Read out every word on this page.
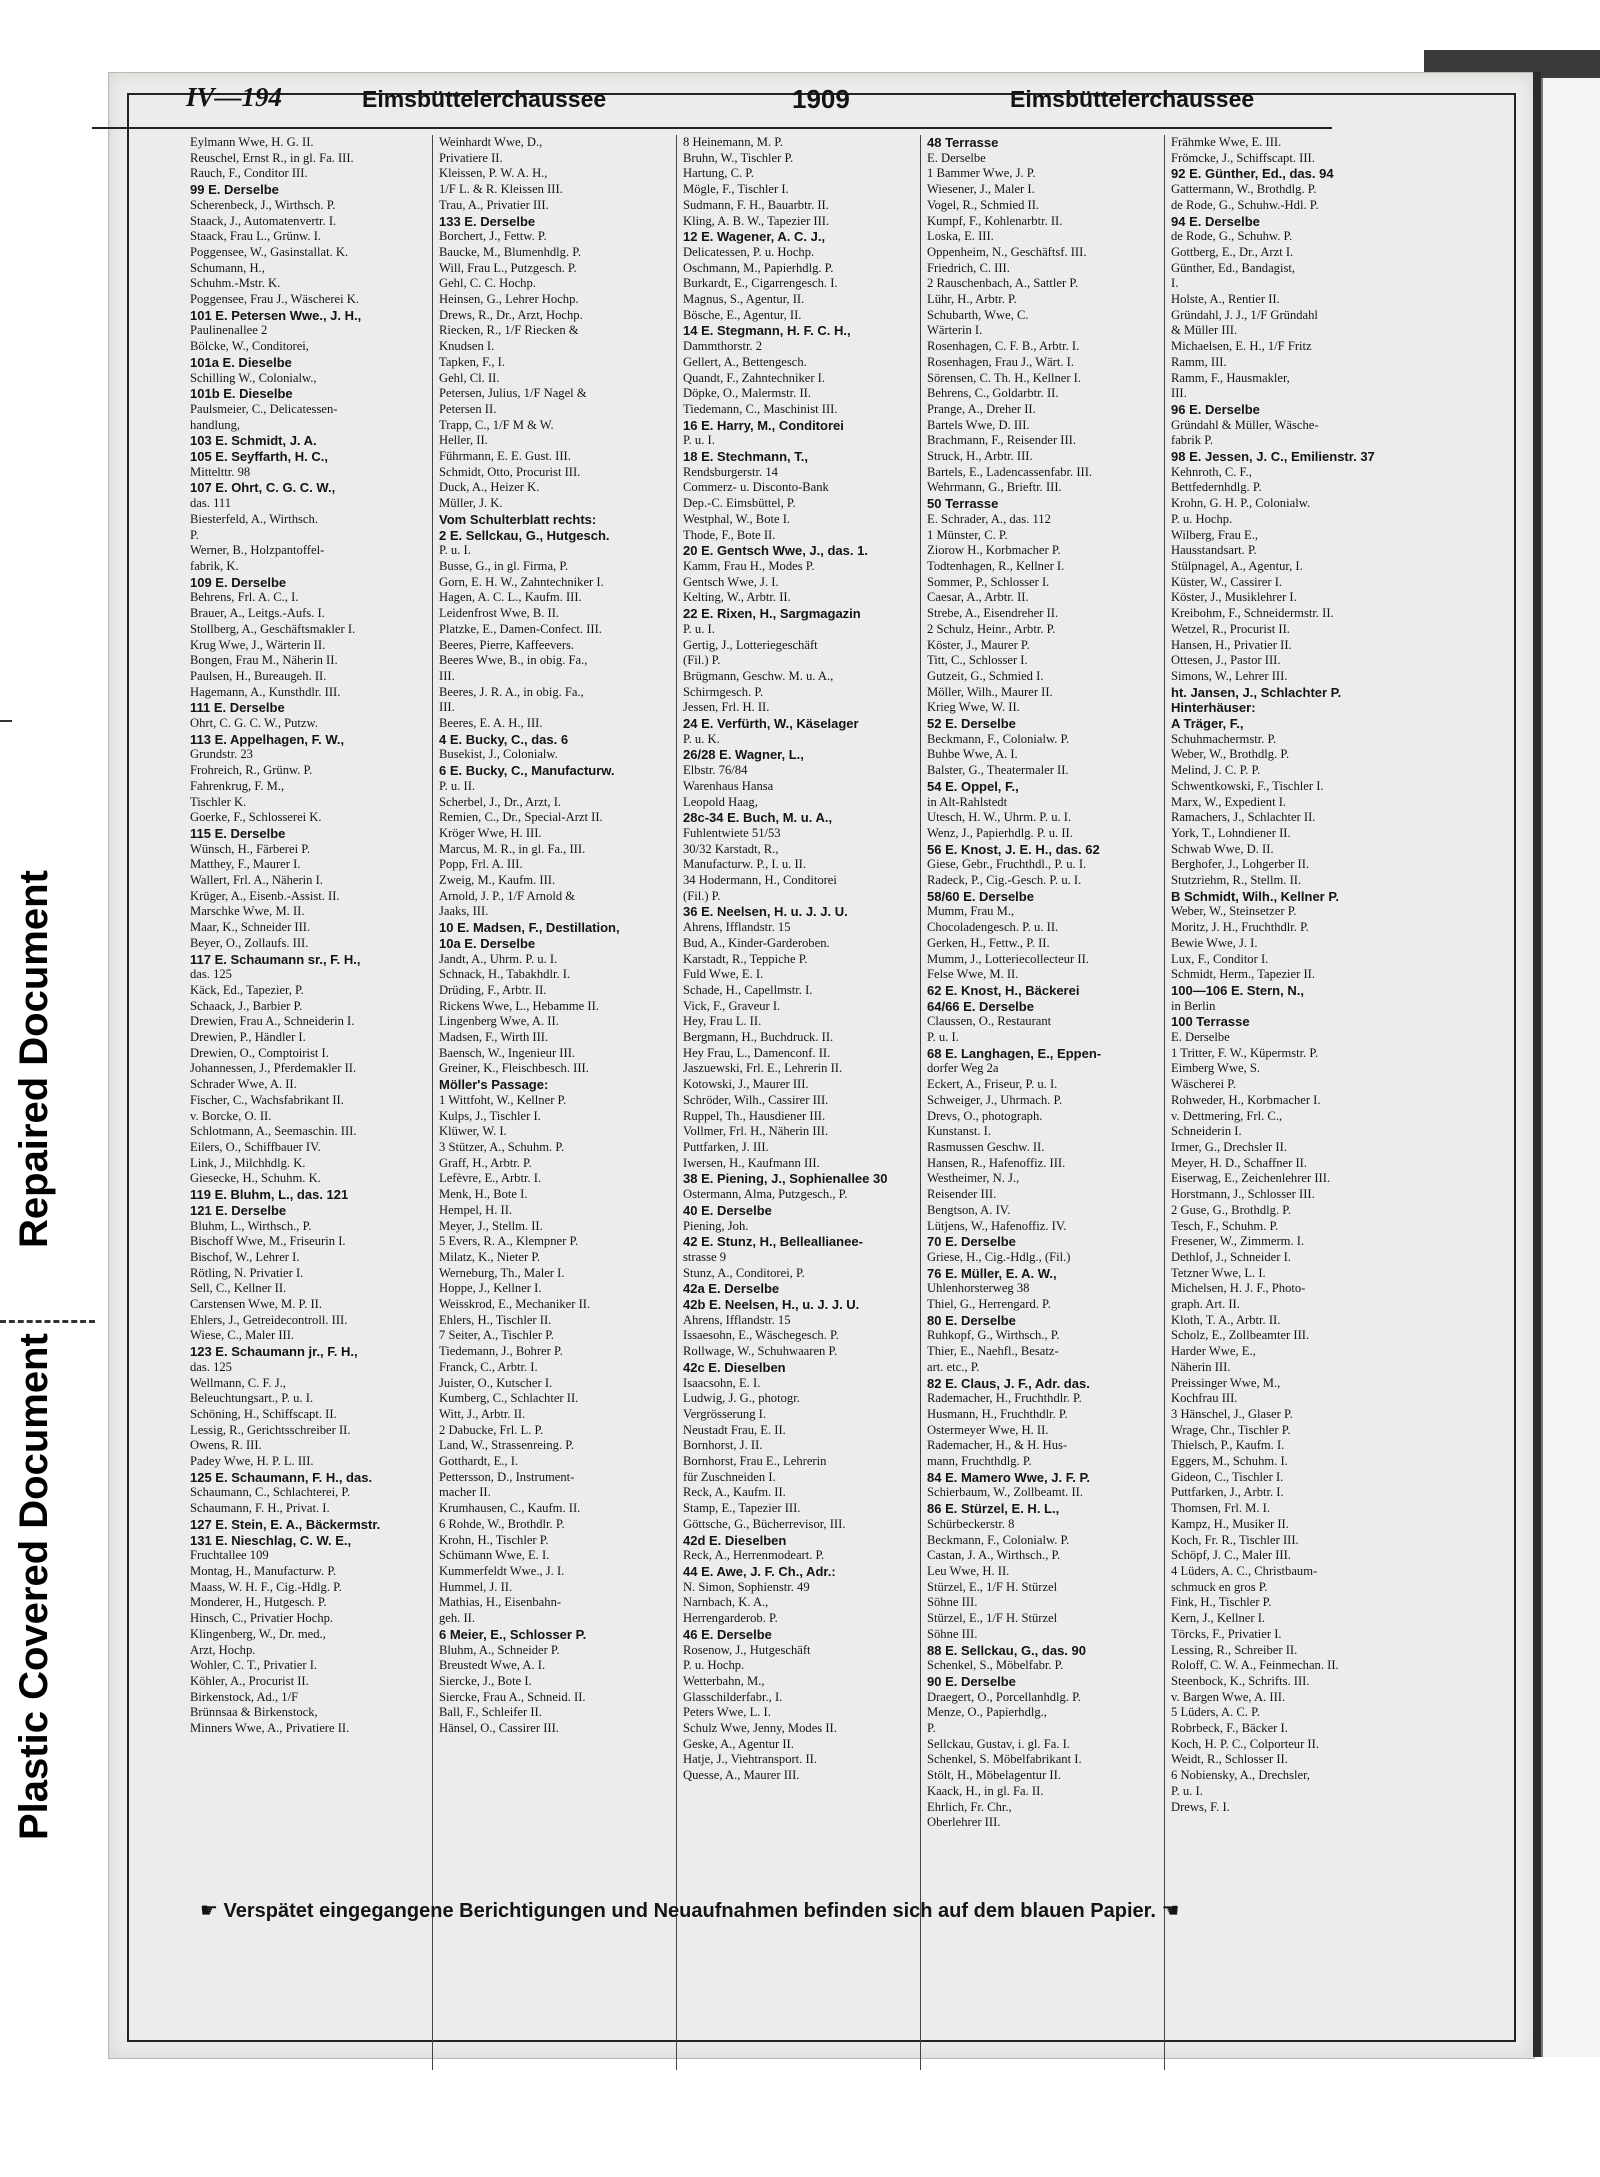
Repaired Document
Plastic Covered Document
IV—194	Eimsbüttelerchaussee	1909	Eimsbüttelerchaussee
Eylmann Wwe, H. G. II.
Reuschel, Ernst R., in gl. Fa. III.
Rauch, F., Conditor III.
99 E. Derselbe
Scherenbeck, J., Wirthsch. P.
Staack, J., Automatenvertr. I.
Staack, Frau L., Grünw. I.
Poggensee, W., Gasinstallat. K.
Schumann, H.,
Schuhm.-Mstr. K.
Poggensee, Frau J., Wäscherei K.
101 E. Petersen Wwe., J. H.,
Paulinenallee 2
Bölcke, W., Conditorei,
101a E. Dieselbe
Schilling W., Colonialw.,
101b E. Dieselbe
Paulsmeier, C., Delicatessen-
handlung,
103 E. Schmidt, J. A.
105 E. Seyffarth, H. C.,
Mittelttr. 98
107 E. Ohrt, C. G. C. W.,
das. 111
Biesterfeld, A., Wirthsch.
P.
Werner, B., Holzpantoffel-
fabrik, K.
109 E. Derselbe
Behrens, Frl. A. C., I.
Brauer, A., Leitgs.-Aufs. I.
Stollberg, A., Geschäftsmakler I.
Krug Wwe, J., Wärterin II.
Bongen, Frau M., Näherin II.
Paulsen, H., Bureaugeh. II.
Hagemann, A., Kunsthdlr. III.
111 E. Derselbe
Ohrt, C. G. C. W., Putzw.
113 E. Appelhagen, F. W.,
Grundstr. 23
Frohreich, R., Grünw. P.
Fahrenkrug, F. M.,
Tischler K.
Goerke, F., Schlosserei K.
115 E. Derselbe
Wünsch, H., Färberei P.
Matthey, F., Maurer I.
Wallert, Frl. A., Näherin I.
Krüger, A., Eisenb.-Assist. II.
Marschke Wwe, M. II.
Maar, K., Schneider III.
Beyer, O., Zollaufs. III.
117 E. Schaumann sr., F. H.,
das. 125
Käck, Ed., Tapezier, P.
Schaack, J., Barbier P.
Drewien, Frau A., Schneiderin I.
Drewien, P., Händler I.
Drewien, O., Comptoirist I.
Johannessen, J., Pferdemakler II.
Schrader Wwe, A. II.
Fischer, C., Wachsfabrikant II.
v. Borcke, O. II.
Schlotmann, A., Seemaschin. III.
Eilers, O., Schiffbauer IV.
Link, J., Milchhdlg. K.
Giesecke, H., Schuhm. K.
119 E. Bluhm, L., das. 121
121 E. Derselbe
Bluhm, L., Wirthsch., P.
Bischoff Wwe, M., Friseurin I.
Bischof, W., Lehrer I.
Rötling, N. Privatier I.
Sell, C., Kellner II.
Carstensen Wwe, M. P. II.
Ehlers, J., Getreidecontroll. III.
Wiese, C., Maler III.
123 E. Schaumann jr., F. H.,
das. 125
Wellmann, C. F. J.,
Beleuchtungsart., P. u. I.
Schöning, H., Schiffscapt. II.
Lessig, R., Gerichtsschreiber II.
Owens, R. III.
Padey Wwe, H. P. L. III.
125 E. Schaumann, F. H., das.
Schaumann, C., Schlachterei, P.
Schaumann, F. H., Privat. I.
127 E. Stein, E. A., Bäckermstr.
131 E. Nieschlag, C. W. E.,
Fruchtallee 109
Montag, H., Manufacturw. P.
Maass, W. H. F., Cig.-Hdlg. P.
Monderer, H., Hutgesch. P.
Hinsch, C., Privatier Hochp.
Klingenberg, W., Dr. med.,
Arzt, Hochp.
Wohler, C. T., Privatier I.
Köhler, A., Procurist II.
Birkenstock, Ad., 1/F
Brünnsaa & Birkenstock,
Minners Wwe, A., Privatiere II.
Weinhardt Wwe, D.,
Privatiere II.
Kleissen, P. W. A. H.,
1/F L. & R. Kleissen III.
Trau, A., Privatier III.
133 E. Derselbe
Borchert, J., Fettw. P.
Baucke, M., Blumenhdlg. P.
Will, Frau L., Putzgesch. P.
Gehl, C. C. Hochp.
Heinsen, G., Lehrer Hochp.
Drews, R., Dr., Arzt, Hochp.
Riecken, R., 1/F Riecken &
Knudsen I.
Tapken, F., I.
Gehl, Cl. II.
Petersen, Julius, 1/F Nagel &
Petersen II.
Trapp, C., 1/F M & W.
Heller, II.
Führmann, E. E. Gust. III.
Schmidt, Otto, Procurist III.
Duck, A., Heizer K.
Müller, J. K.
Vom Schulterblatt rechts:
2 E. Sellckau, G., Hutgesch.
P. u. I.
Busse, G., in gl. Firma, P.
Gorn, E. H. W., Zahntechniker I.
Hagen, A. C. L., Kaufm. III.
Leidenfrost Wwe, B. II.
Platzke, E., Damen-Confect. III.
Beeres, Pierre, Kaffeevers.
Beeres Wwe, B., in obig. Fa.,
III.
Beeres, J. R. A., in obig. Fa.,
III.
Beeres, E. A. H., III.
4 E. Bucky, C., das. 6
Busekist, J., Colonialw.
6 E. Bucky, C., Manufacturw.
P. u. II.
Scherbel, J., Dr., Arzt, I.
Remien, C., Dr., Special-Arzt II.
Kröger Wwe, H. III.
Marcus, M. R., in gl. Fa., III.
Popp, Frl. A. III.
Zweig, M., Kaufm. III.
Arnold, J. P., 1/F Arnold &
Jaaks, III.
10 E. Madsen, F., Destillation,
10a E. Derselbe
Jandt, A., Uhrm. P. u. I.
Schnack, H., Tabakhdlr. I.
Drüding, F., Arbtr. II.
Rickens Wwe, L., Hebamme II.
Lingenberg Wwe, A. II.
Madsen, F., Wirth III.
Baensch, W., Ingenieur III.
Greiner, K., Fleischbesch. III.
Möller's Passage:
1 Wittfoht, W., Kellner P.
Kulps, J., Tischler I.
Klüwer, W. I.
3 Stützer, A., Schuhm. P.
Graff, H., Arbtr. P.
Lefèvre, E., Arbtr. I.
Menk, H., Bote I.
Hempel, H. II.
Meyer, J., Stellm. II.
5 Evers, R. A., Klempner P.
Milatz, K., Nieter P.
Werneburg, Th., Maler I.
Hoppe, J., Kellner I.
Weisskrod, E., Mechaniker II.
Ehlers, H., Tischler II.
7 Seiter, A., Tischler P.
Tiedemann, J., Bohrer P.
Franck, C., Arbtr. I.
Juister, O., Kutscher I.
Kumberg, C., Schlachter II.
Witt, J., Arbtr. II.
2 Dabucke, Frl. L. P.
Land, W., Strassenreing. P.
Gotthardt, E., I.
Pettersson, D., Instrument-
macher II.
Krumhausen, C., Kaufm. II.
6 Rohde, W., Brothdlr. P.
Krohn, H., Tischler P.
Schümann Wwe, E. I.
Kummerfeldt Wwe., J. I.
Hummel, J. II.
Mathias, H., Eisenbahn-
geh. II.
6 Meier, E., Schlosser P.
Bluhm, A., Schneider P.
Breustedt Wwe, A. I.
Siercke, J., Bote I.
Siercke, Frau A., Schneid. II.
Ball, F., Schleifer II.
Hänsel, O., Cassirer III.
8 Heinemann, M. P.
Bruhn, W., Tischler P.
Hartung, C. P.
Mögle, F., Tischler I.
Sudmann, F. H., Bauarbtr. II.
Kling, A. B. W., Tapezier III.
12 E. Wagener, A. C. J.,
Delicatessen, P. u. Hochp.
Oschmann, M., Papierhdlg. P.
Burkardt, E., Cigarrengesch. I.
Magnus, S., Agentur, II.
Bösche, E., Agentur, II.
14 E. Stegmann, H. F. C. H.,
Dammthorstr. 2
Gellert, A., Bettengesch.
Quandt, F., Zahntechniker I.
Döpke, O., Malermstr. II.
Tiedemann, C., Maschinist III.
16 E. Harry, M., Conditorei
P. u. I.
18 E. Stechmann, T.,
Rendsburgerstr. 14
Commerz- u. Disconto-Bank
Dep.-C. Eimsbüttel, P.
Westphal, W., Bote I.
Thode, F., Bote II.
20 E. Gentsch Wwe, J., das. 1.
Kamm, Frau H., Modes P.
Gentsch Wwe, J. I.
Kelting, W., Arbtr. II.
22 E. Rixen, H., Sargmagazin
P. u. I.
Gertig, J., Lotteriegeschäft
(Fil.) P.
Brügmann, Geschw. M. u. A.,
Schirmgesch. P.
Jessen, Frl. H. II.
24 E. Verfürth, W., Käselager
P. u. K.
26/28 E. Wagner, L.,
Elbstr. 76/84
Warenhaus Hansa
Leopold Haag,
28c-34 E. Buch, M. u. A.,
Fuhlentwiete 51/53
30/32 Karstadt, R.,
Manufacturw. P., I. u. II.
34 Hodermann, H., Conditorei
(Fil.) P.
36 E. Neelsen, H. u. J. J. U.
Ahrens, Ifflandstr. 15
Bud, A., Kinder-Garderoben.
Karstadt, R., Teppiche P.
Fuld Wwe, E. I.
Schade, H., Capellmstr. I.
Vick, F., Graveur I.
Hey, Frau L. II.
Bergmann, H., Buchdruck. II.
Hey Frau, L., Damenconf. II.
Jaszuewski, Frl. E., Lehrerin II.
Kotowski, J., Maurer III.
Schröder, Wilh., Cassirer III.
Ruppel, Th., Hausdiener III.
Vollmer, Frl. H., Näherin III.
Puttfarken, J. III.
Iwersen, H., Kaufmann III.
38 E. Piening, J., Sophienallee 30
Ostermann, Alma, Putzgesch., P.
40 E. Derselbe
Piening, Joh.
42 E. Stunz, H., Belleallianee-
strasse 9
Stunz, A., Conditorei, P.
42a E. Derselbe
42b E. Neelsen, H., u. J. J. U.
Ahrens, Ifflandstr. 15
Issaesohn, E., Wäschegesch. P.
Rollwage, W., Schuhwaaren P.
42c E. Dieselben
Isaacsohn, E. I.
Ludwig, J. G., photogr.
Vergrösserung I.
Neustadt Frau, E. II.
Bornhorst, J. II.
Bornhorst, Frau E., Lehrerin
für Zuschneiden I.
Reck, A., Kaufm. II.
Stamp, E., Tapezier III.
Göttsche, G., Bücherrevisor, III.
42d E. Dieselben
Reck, A., Herrenmodeart. P.
44 E. Awe, J. F. Ch., Adr.:
N. Simon, Sophienstr. 49
Narnbach, K. A.,
Herrengarderob. P.
46 E. Derselbe
Rosenow, J., Hutgeschäft
P. u. Hochp.
Wetterbahn, M.,
Glasschilderfabr., I.
Peters Wwe, L. I.
Schulz Wwe, Jenny, Modes II.
Geske, A., Agentur II.
Hatje, J., Viehtransport. II.
Quesse, A., Maurer III.
48 Terrasse
E. Derselbe
1 Bammer Wwe, J. P.
Wiesener, J., Maler I.
Vogel, R., Schmied II.
Kumpf, F., Kohlenarbtr. II.
Loska, E. III.
Oppenheim, N., Geschäftsf. III.
Friedrich, C. III.
2 Rauschenbach, A., Sattler P.
Lühr, H., Arbtr. P.
Schubarth, Wwe, C.
Wärterin I.
Rosenhagen, C. F. B., Arbtr. I.
Rosenhagen, Frau J., Wärt. I.
Sörensen, C. Th. H., Kellner I.
Behrens, C., Goldarbtr. II.
Prange, A., Dreher II.
Bartels Wwe, D. III.
Brachmann, F., Reisender III.
Struck, H., Arbtr. III.
Bartels, E., Ladencassenfabr. III.
Wehrmann, G., Brieftr. III.
50 Terrasse
E. Schrader, A., das. 112
1 Münster, C. P.
Ziorow H., Korbmacher P.
Todtenhagen, R., Kellner I.
Sommer, P., Schlosser I.
Caesar, A., Arbtr. II.
Strebe, A., Eisendreher II.
2 Schulz, Heinr., Arbtr. P.
Köster, J., Maurer P.
Titt, C., Schlosser I.
Gutzeit, G., Schmied I.
Möller, Wilh., Maurer II.
Krieg Wwe, W. II.
52 E. Derselbe
Beckmann, F., Colonialw. P.
Buhbe Wwe, A. I.
Balster, G., Theatermaler II.
54 E. Oppel, F.,
in Alt-Rahlstedt
Utesch, H. W., Uhrm. P. u. I.
Wenz, J., Papierhdlg. P. u. II.
56 E. Knost, J. E. H., das. 62
Giese, Gebr., Fruchthdl., P. u. I.
Radeck, P., Cig.-Gesch. P. u. I.
58/60 E. Derselbe
Mumm, Frau M.,
Chocoladengesch. P. u. II.
Gerken, H., Fettw., P. II.
Mumm, J., Lotteriecollecteur II.
Felse Wwe, M. II.
62 E. Knost, H., Bäckerei
64/66 E. Derselbe
Claussen, O., Restaurant
P. u. I.
68 E. Langhagen, E., Eppen-
dorfer Weg 2a
Eckert, A., Friseur, P. u. I.
Schweiger, J., Uhrmach. P.
Drevs, O., photograph.
Kunstanst. I.
Rasmussen Geschw. II.
Hansen, R., Hafenoffiz. III.
Westheimer, N. J.,
Reisender III.
Bengtson, A. IV.
Lütjens, W., Hafenoffiz. IV.
70 E. Derselbe
Griese, H., Cig.-Hdlg., (Fil.)
76 E. Müller, E. A. W.,
Uhlenhorsterweg 38
Thiel, G., Herrengard. P.
80 E. Derselbe
Ruhkopf, G., Wirthsch., P.
Thier, E., Naehfl., Besatz-
art. etc., P.
82 E. Claus, J. F., Adr. das.
Rademacher, H., Fruchthdlr. P.
Husmann, H., Fruchthdlr. P.
Ostermeyer Wwe, H. II.
Rademacher, H., & H. Hus-
mann, Fruchthdlg. P.
84 E. Mamero Wwe, J. F. P.
Schierbaum, W., Zollbeamt. II.
86 E. Stürzel, E. H. L.,
Schürbeckerstr. 8
Beckmann, F., Colonialw. P.
Castan, J. A., Wirthsch., P.
Leu Wwe, H. II.
Stürzel, E., 1/F H. Stürzel
Söhne III.
Stürzel, E., 1/F H. Stürzel
Söhne III.
88 E. Sellckau, G., das. 90
Schenkel, S., Möbelfabr. P.
90 E. Derselbe
Draegert, O., Porcellanhdlg. P.
Menze, O., Papierhdlg.,
P.
Sellckau, Gustav, i. gl. Fa. I.
Schenkel, S. Möbelfabrikant I.
Stölt, H., Möbelagentur II.
Kaack, H., in gl. Fa. II.
Ehrlich, Fr. Chr.,
Oberlehrer III.
Frähmke Wwe, E. III.
Frömcke, J., Schiffscapt. III.
92 E. Günther, Ed., das. 94
Gattermann, W., Brothdlg. P.
de Rode, G., Schuhw.-Hdl. P.
94 E. Derselbe
de Rode, G., Schuhw. P.
Gottberg, E., Dr., Arzt I.
Günther, Ed., Bandagist,
I.
Holste, A., Rentier II.
Gründahl, J. J., 1/F Gründahl
& Müller III.
Michaelsen, E. H., 1/F Fritz
Ramm, III.
Ramm, F., Hausmakler,
III.
96 E. Derselbe
Gründahl & Müller, Wäsche-
fabrik P.
98 E. Jessen, J. C., Emilienstr. 37
Kehnroth, C. F.,
Bettfedernhdlg. P.
Krohn, G. H. P., Colonialw.
P. u. Hochp.
Wilberg, Frau E.,
Hausstandsart. P.
Stülpnagel, A., Agentur, I.
Küster, W., Cassirer I.
Köster, J., Musiklehrer I.
Kreibohm, F., Schneidermstr. II.
Wetzel, R., Procurist II.
Hansen, H., Privatier II.
Ottesen, J., Pastor III.
Simons, W., Lehrer III.
ht. Jansen, J., Schlachter P.
Hinterhäuser:
A Träger, F.,
Schuhmachermstr. P.
Weber, W., Brothdlg. P.
Melind, J. C. P. P.
Schwentkowski, F., Tischler I.
Marx, W., Expedient I.
Ramachers, J., Schlachter II.
York, T., Lohndiener II.
Schwab Wwe, D. II.
Berghofer, J., Lohgerber II.
Stutzriehm, R., Stellm. II.
B Schmidt, Wilh., Kellner P.
Weber, W., Steinsetzer P.
Moritz, J. H., Fruchthdlr. P.
Bewie Wwe, J. I.
Lux, F., Conditor I.
Schmidt, Herm., Tapezier II.
100—106 E. Stern, N.,
in Berlin
100 Terrasse
E. Derselbe
1 Tritter, F. W., Küpermstr. P.
Eimberg Wwe, S.
Wäscherei P.
Rohweder, H., Korbmacher I.
v. Dettmering, Frl. C.,
Schneiderin I.
Irmer, G., Drechsler II.
Meyer, H. D., Schaffner II.
Eiserwag, E., Zeichenlehrer III.
Horstmann, J., Schlosser III.
2 Guse, G., Brothdlg. P.
Tesch, F., Schuhm. P.
Fresener, W., Zimmerm. I.
Dethlof, J., Schneider I.
Tetzner Wwe, L. I.
Michelsen, H. J. F., Photo-
graph. Art. II.
Kloth, T. A., Arbtr. II.
Scholz, E., Zollbeamter III.
Harder Wwe, E.,
Näherin III.
Preissinger Wwe, M.,
Kochfrau III.
3 Hänschel, J., Glaser P.
Wrage, Chr., Tischler P.
Thielsch, P., Kaufm. I.
Eggers, M., Schuhm. I.
Gideon, C., Tischler I.
Puttfarken, J., Arbtr. I.
Thomsen, Frl. M. I.
Kampz, H., Musiker II.
Koch, Fr. R., Tischler III.
Schöpf, J. C., Maler III.
4 Lüders, A. C., Christbaum-
schmuck en gros P.
Fink, H., Tischler P.
Kern, J., Kellner I.
Törcks, F., Privatier I.
Lessing, R., Schreiber II.
Roloff, C. W. A., Feinmechan. II.
Steenbock, K., Schrifts. III.
v. Bargen Wwe, A. III.
5 Lüders, A. C. P.
Robrbeck, F., Bäcker I.
Koch, H. P. C., Colporteur II.
Weidt, R., Schlosser II.
6 Nobiensky, A., Drechsler,
P. u. I.
Drews, F. I.
☛ Verspätet eingegangene Berichtigungen und Neuaufnahmen befinden sich auf dem blauen Papier. ☚
